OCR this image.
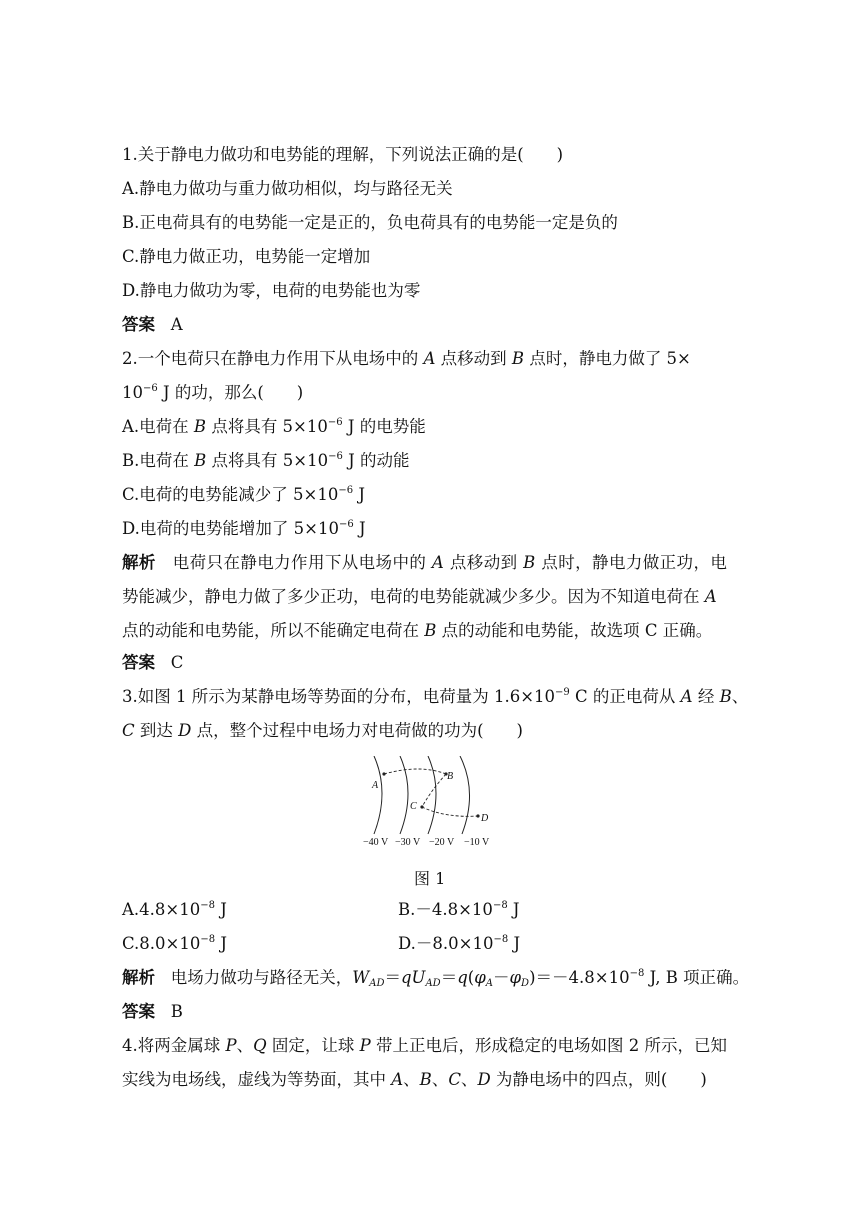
1.关于静电力做功和电势能的理解，下列说法正确的是(　　)
A.静电力做功与重力做功相似，均与路径无关
B.正电荷具有的电势能一定是正的，负电荷具有的电势能一定是负的
C.静电力做正功，电势能一定增加
D.静电力做功为零，电荷的电势能也为零
答案 A
2.一个电荷只在静电力作用下从电场中的 A 点移动到 B 点时，静电力做了 5×
$10^{-6}$ J 的功，那么(　　)
A.电荷在 B 点将具有 $5\times 10^{-6}$ J 的电势能
B.电荷在 B 点将具有 $5\times 10^{-6}$ J 的动能
C.电荷的电势能减少了 $5\times 10^{-6}$ J
D.电荷的电势能增加了 $5\times 10^{-6}$ J
解析 电荷只在静电力作用下从电场中的 A 点移动到 B 点时，静电力做正功，电
势能减少，静电力做了多少正功，电荷的电势能就减少多少。因为不知道电荷在 A
点的动能和电势能，所以不能确定电荷在 B 点的动能和电势能，故选项 C 正确。
答案 C
3.如图 1 所示为某静电场等势面的分布，电荷量为 $1.6\times 10^{-9}$ C 的正电荷从 A 经 B、
C 到达 D 点，整个过程中电场力对电荷做的功为(　　)
A
B
C
D
−40 V −30 V −20 V −10 V
图 1
$A.4.8\times 10^{-8}$ J	$B.-4.8\times 10^{-8}$ J
$C.8.0\times 10^{-8}$ J	$D.-8.0\times 10^{-8}$ J
解析 电场力做功与路径无关，$W_{AD}=qU_{AD}=q(\varphi_A-\varphi_D)=-4.8\times 10^{-8}$ J, B 项正确。
答案 B
4.将两金属球 P、Q 固定，让球 P 带上正电后，形成稳定的电场如图 2 所示，已知
实线为电场线，虚线为等势面，其中 A、B、C、D 为静电场中的四点，则(　　)
